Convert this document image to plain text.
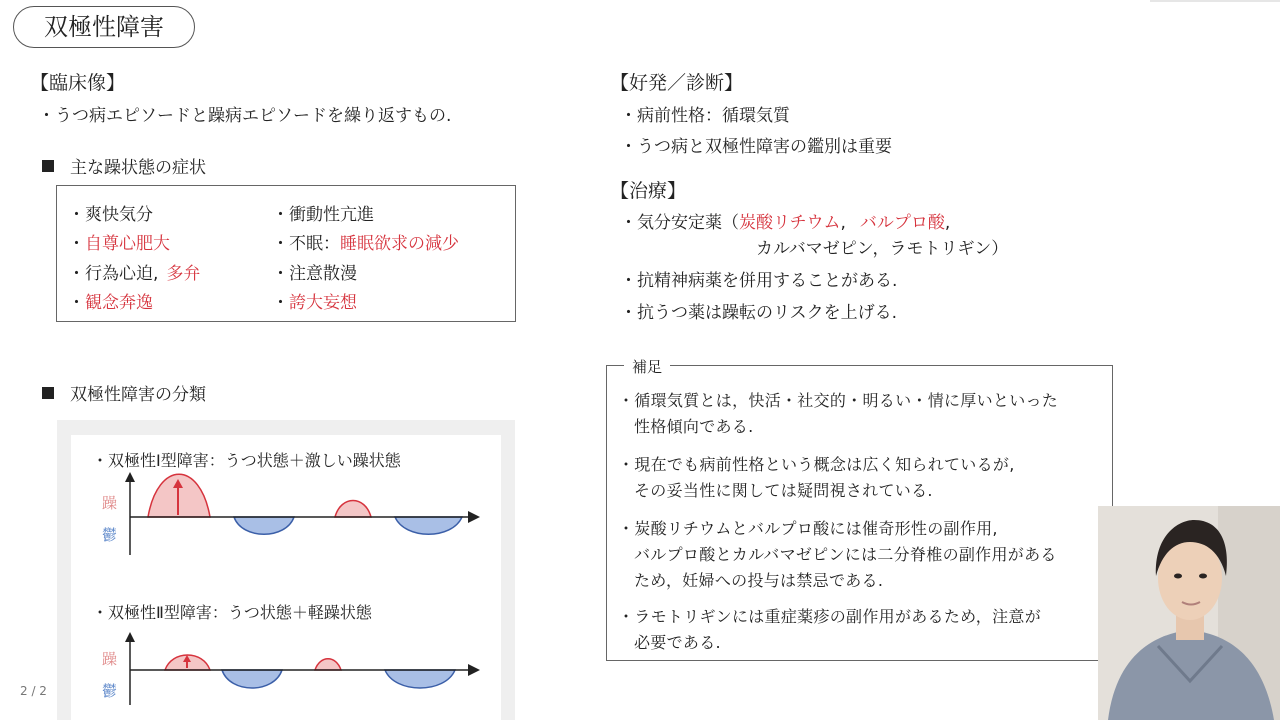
双極性障害
【臨床像】
・うつ病エピソードと躁病エピソードを繰り返すもの.
主な躁状態の症状
・爽快気分	・衝動性亢進
・自尊心肥大	・不眠：睡眠欲求の減少
・行為心迫, 多弁	・注意散漫
・観念奔逸	・誇大妄想
双極性障害の分類
・双極性Ⅰ型障害：うつ状態＋激しい躁状態
・双極性Ⅱ型障害：うつ状態＋軽躁状態
躁
鬱
躁
鬱
【好発／診断】
・病前性格：循環気質
・うつ病と双極性障害の鑑別は重要
【治療】
・気分安定薬（炭酸リチウム, バルプロ酸,
カルバマゼピン，ラモトリギン）
・抗精神病薬を併用することがある.
・抗うつ薬は躁転のリスクを上げる.
補足
・循環気質とは，快活・社交的・明るい・情に厚いといった
性格傾向である.
・現在でも病前性格という概念は広く知られているが,
その妥当性に関しては疑問視されている.
・炭酸リチウムとバルプロ酸には催奇形性の副作用,
バルプロ酸とカルバマゼピンには二分脊椎の副作用がある
ため，妊婦への投与は禁忌である.
・ラモトリギンには重症薬疹の副作用があるため，注意が
必要である.
2 / 2
